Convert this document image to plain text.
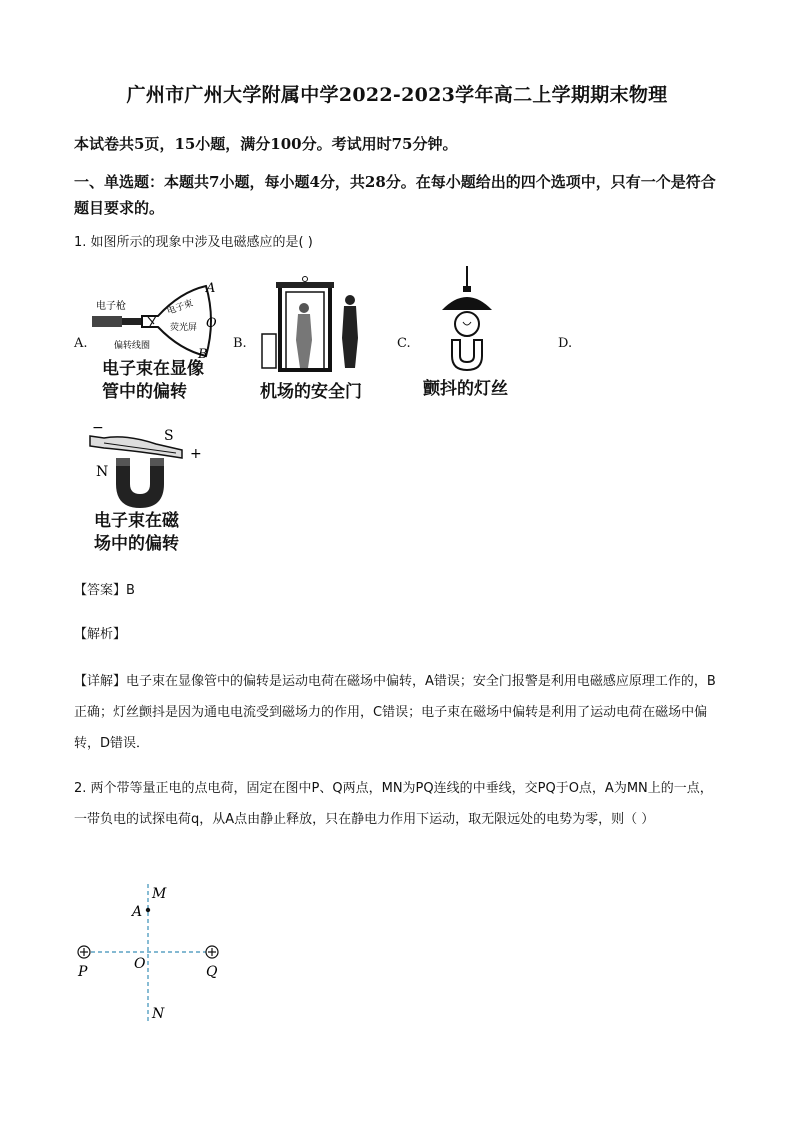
广州市广州大学附属中学2022-2023学年高二上学期期末物理
本试卷共5页，15小题，满分100分。考试用时75分钟。
一、单选题：本题共7小题，每小题4分，共28分。在每小题给出的四个选项中，只有一个是符合题目要求的。
1. 如图所示的现象中涉及电磁感应的是( )
A.
电子枪	电子束
荧光屏
偏转线圈
A
O
B
电子束在显像
管中的偏转
B.
机场的安全门
C.
颤抖的灯丝
D.
−
+
S
N
电子束在磁
场中的偏转
【答案】B
【解析】
【详解】电子束在显像管中的偏转是运动电荷在磁场中偏转，A错误；安全门报警是利用电磁感应原理工作的，B正确；灯丝颤抖是因为通电电流受到磁场力的作用，C错误；电子束在磁场中偏转是利用了运动电荷在磁场中偏转，D错误．
2. 两个带等量正电的点电荷，固定在图中P、Q两点，MN为PQ连线的中垂线，交PQ于O点，A为MN上的一点，一带负电的试探电荷q，从A点由静止释放，只在静电力作用下运动，取无限远处的电势为零，则（ ）
M
A
P	O	Q
N
